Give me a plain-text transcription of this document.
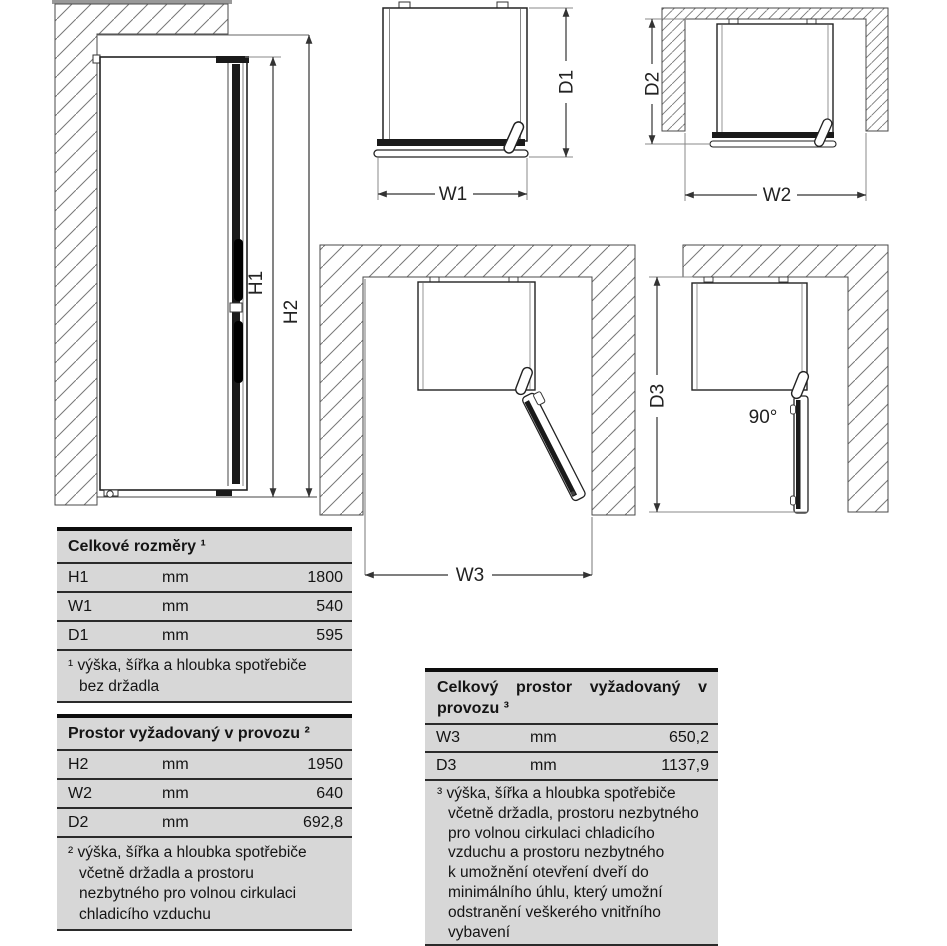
H1
H2
W1
D1	D2
W2
W3
90°
D3
Celkové rozměry ¹
H1	mm	1800
W1	mm	540
D1	mm	595
¹ výška, šířka a hloubka spotřebiče
bez držadla
Prostor vyžadovaný v provozu ²
H2	mm	1950
W2	mm	640
D2	mm	692,8
² výška, šířka a hloubka spotřebiče
včetně držadla a prostoru
nezbytného pro volnou cirkulaci
chladicího vzduchu
Celkový prostor vyžadovaný v provozu ³
W3	mm	650,2
D3	mm	1137,9
³ výška, šířka a hloubka spotřebiče
včetně držadla, prostoru nezbytného
pro volnou cirkulaci chladicího
vzduchu a prostoru nezbytného
k umožnění otevření dveří do
minimálního úhlu, který umožní
odstranění veškerého vnitřního
vybavení
